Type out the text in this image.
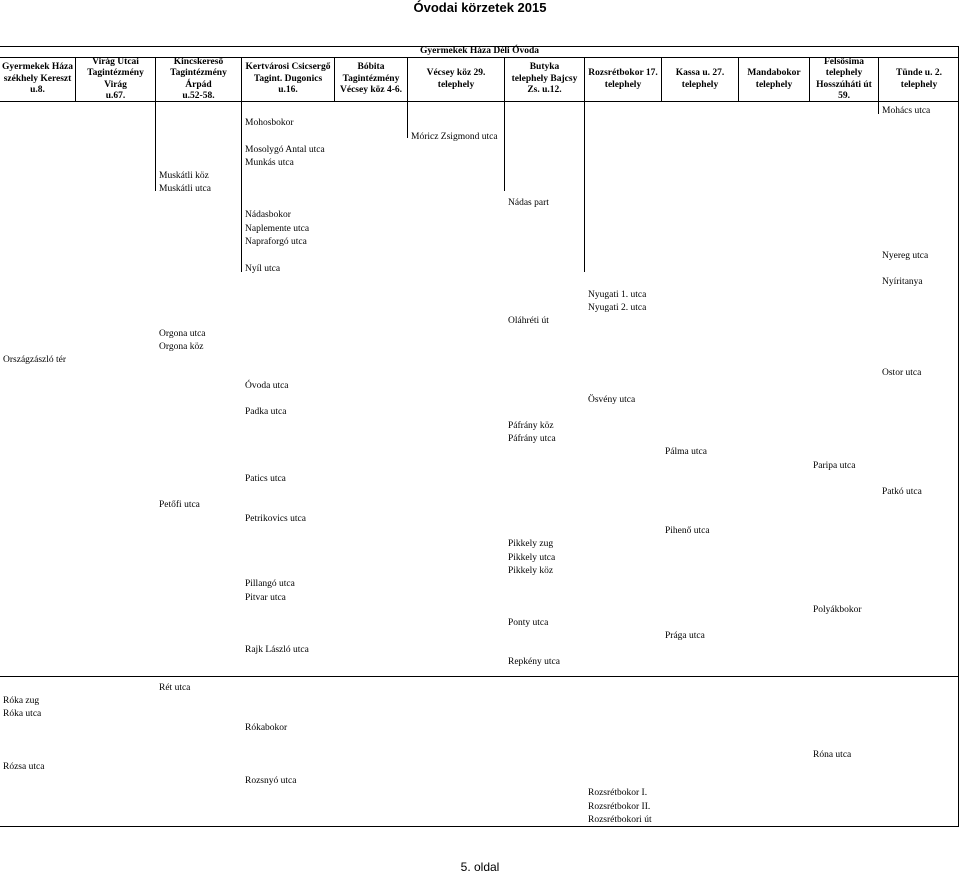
Óvodai körzetek 2015
Gyermekek Háza Déli Óvoda
Gyermekek Háza
székhely Kereszt
u.8.
Virág Utcai
Tagintézmény Virág
u.67.
Kincskereső
Tagintézmény Árpád
u.52-58.
Kertvárosi Csicsergő
Tagint. Dugonics u.16.
Bóbita
Tagintézmény
Vécsey köz 4-6.
Vécsey köz 29.
telephely
Butyka
telephely Bajcsy
Zs. u.12.
Rozsrétbokor 17.
telephely
Kassa u. 27.
telephely
Mandabokor
telephely
Felsősima
telephely
Hosszúháti út 59.
Tünde u. 2.
telephely
Országzászló tér
Róka zug
Róka utca
Rózsa utca
Muskátli köz
Muskátli utca
Orgona utca
Orgona köz
Petőfi utca
Rét utca
Mohosbokor
Mosolygó Antal utca
Munkás utca
Nádasbokor
Naplemente utca
Napraforgó utca
Nyíl utca
Óvoda utca
Padka utca
Patics utca
Petrikovics utca
Pillangó utca
Pitvar utca
Rajk László utca
Rókabokor
Rozsnyó utca
Móricz Zsigmond utca
Nádas part
Oláhréti út
Páfrány köz
Páfrány utca
Pikkely zug
Pikkely utca
Pikkely köz
Ponty utca
Repkény utca
Nyugati 1. utca
Nyugati 2. utca
Ösvény utca
Rozsrétbokor I.
Rozsrétbokor II.
Rozsrétbokori út
Pálma utca
Pihenő utca
Prága utca
Paripa utca
Polyákbokor
Róna utca
Mohács utca
Nyereg utca
Nyíritanya
Ostor utca
Patkó utca
5. oldal
